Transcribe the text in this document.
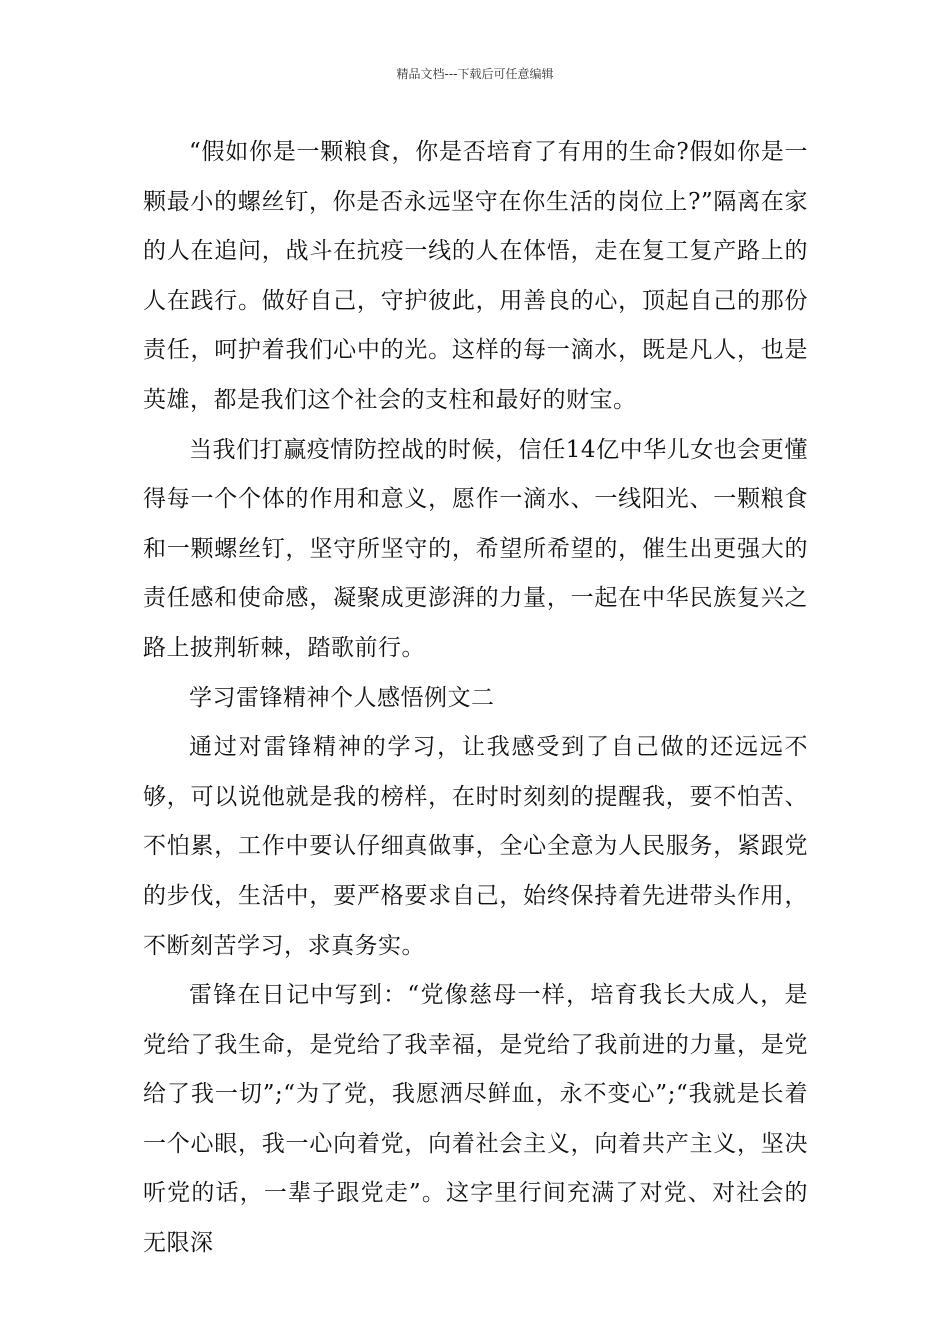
精品文档---下载后可任意编辑

“假如你是一颗粮食，你是否培育了有用的生命?假如你是一颗最小的螺丝钉，你是否永远坚守在你生活的岗位上?”隔离在家的人在追问，战斗在抗疫一线的人在体悟，走在复工复产路上的人在践行。做好自己，守护彼此，用善良的心，顶起自己的那份责任，呵护着我们心中的光。这样的每一滴水，既是凡人，也是英雄，都是我们这个社会的支柱和最好的财宝。

当我们打赢疫情防控战的时候，信任14亿中华儿女也会更懂得每一个个体的作用和意义，愿作一滴水、一线阳光、一颗粮食和一颗螺丝钉，坚守所坚守的，希望所希望的，催生出更强大的责任感和使命感，凝聚成更澎湃的力量，一起在中华民族复兴之路上披荆斩棘，踏歌前行。

学习雷锋精神个人感悟例文二

通过对雷锋精神的学习，让我感受到了自己做的还远远不够，可以说他就是我的榜样，在时时刻刻的提醒我，要不怕苦、不怕累，工作中要认仔细真做事，全心全意为人民服务，紧跟党的步伐，生活中，要严格要求自己，始终保持着先进带头作用，不断刻苦学习，求真务实。

雷锋在日记中写到：“党像慈母一样，培育我长大成人，是党给了我生命，是党给了我幸福，是党给了我前进的力量，是党给了我一切”;“为了党，我愿洒尽鲜血，永不变心”;“我就是长着一个心眼，我一心向着党，向着社会主义，向着共产主义，坚决听党的话，一辈子跟党走”。这字里行间充满了对党、对社会的无限深
